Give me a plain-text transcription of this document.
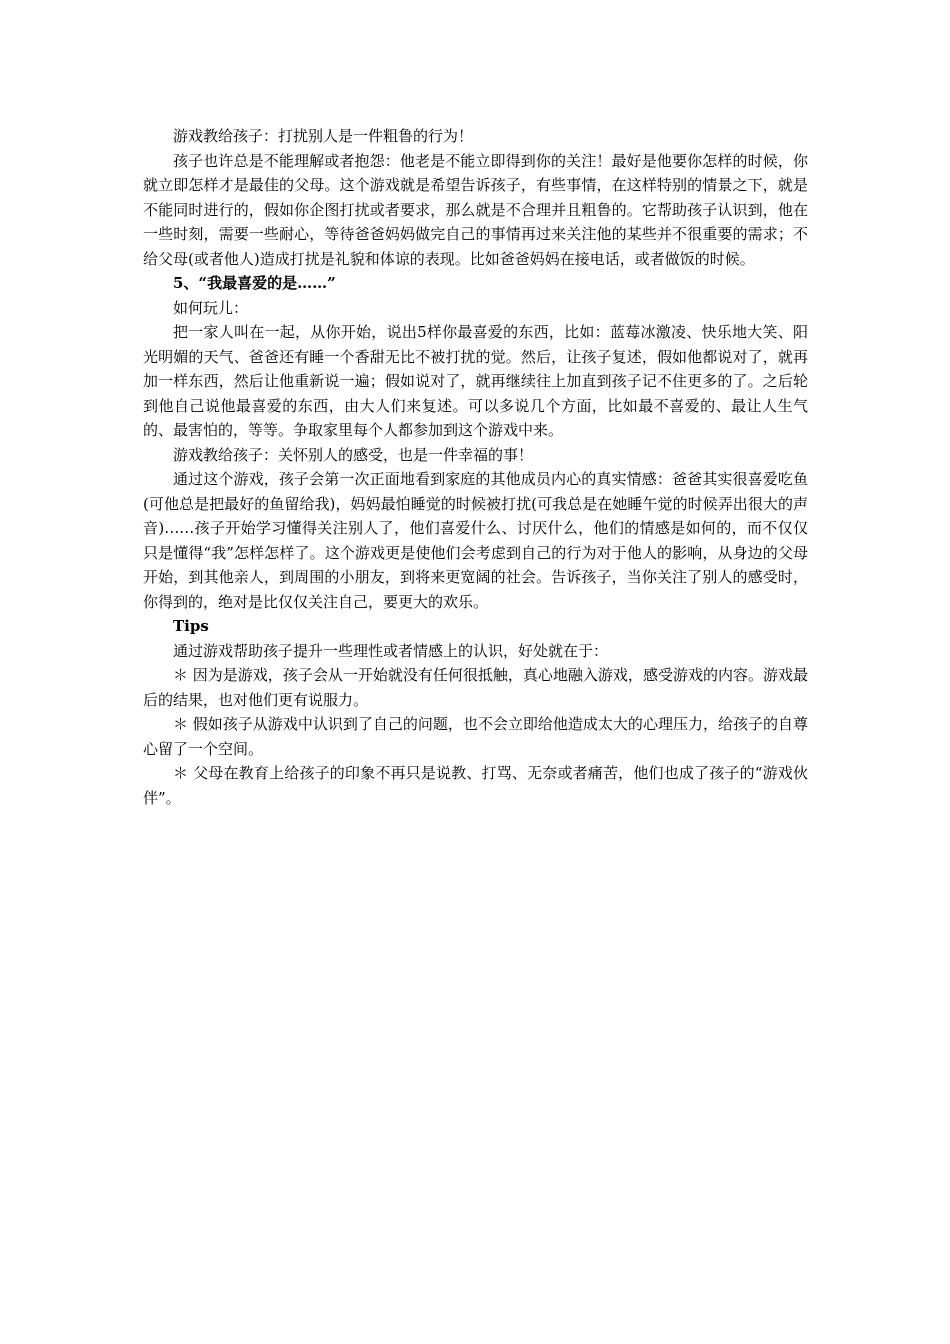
游戏教给孩子：打扰别人是一件粗鲁的行为！

孩子也许总是不能理解或者抱怨：他老是不能立即得到你的关注！最好是他要你怎样的时候，你就立即怎样才是最佳的父母。这个游戏就是希望告诉孩子，有些事情，在这样特别的情景之下，就是不能同时进行的，假如你企图打扰或者要求，那么就是不合理并且粗鲁的。它帮助孩子认识到，他在一些时刻，需要一些耐心，等待爸爸妈妈做完自己的事情再过来关注他的某些并不很重要的需求；不给父母(或者他人)造成打扰是礼貌和体谅的表现。比如爸爸妈妈在接电话，或者做饭的时候。

5、“我最喜爱的是……”

如何玩儿：

把一家人叫在一起，从你开始，说出5样你最喜爱的东西，比如：蓝莓冰激凌、快乐地大笑、阳光明媚的天气、爸爸还有睡一个香甜无比不被打扰的觉。然后，让孩子复述，假如他都说对了，就再加一样东西，然后让他重新说一遍；假如说对了，就再继续往上加直到孩子记不住更多的了。之后轮到他自己说他最喜爱的东西，由大人们来复述。可以多说几个方面，比如最不喜爱的、最让人生气的、最害怕的，等等。争取家里每个人都参加到这个游戏中来。

游戏教给孩子：关怀别人的感受，也是一件幸福的事！

通过这个游戏，孩子会第一次正面地看到家庭的其他成员内心的真实情感：爸爸其实很喜爱吃鱼(可他总是把最好的鱼留给我)，妈妈最怕睡觉的时候被打扰(可我总是在她睡午觉的时候弄出很大的声音)……孩子开始学习懂得关注别人了，他们喜爱什么、讨厌什么，他们的情感是如何的，而不仅仅只是懂得“我”怎样怎样了。这个游戏更是使他们会考虑到自己的行为对于他人的影响，从身边的父母开始，到其他亲人，到周围的小朋友，到将来更宽阔的社会。告诉孩子，当你关注了别人的感受时，你得到的，绝对是比仅仅关注自己，要更大的欢乐。

Tips

通过游戏帮助孩子提升一些理性或者情感上的认识，好处就在于：

＊ 因为是游戏，孩子会从一开始就没有任何很抵触，真心地融入游戏，感受游戏的内容。游戏最后的结果，也对他们更有说服力。

＊ 假如孩子从游戏中认识到了自己的问题，也不会立即给他造成太大的心理压力，给孩子的自尊心留了一个空间。

＊ 父母在教育上给孩子的印象不再只是说教、打骂、无奈或者痛苦，他们也成了孩子的“游戏伙伴”。
